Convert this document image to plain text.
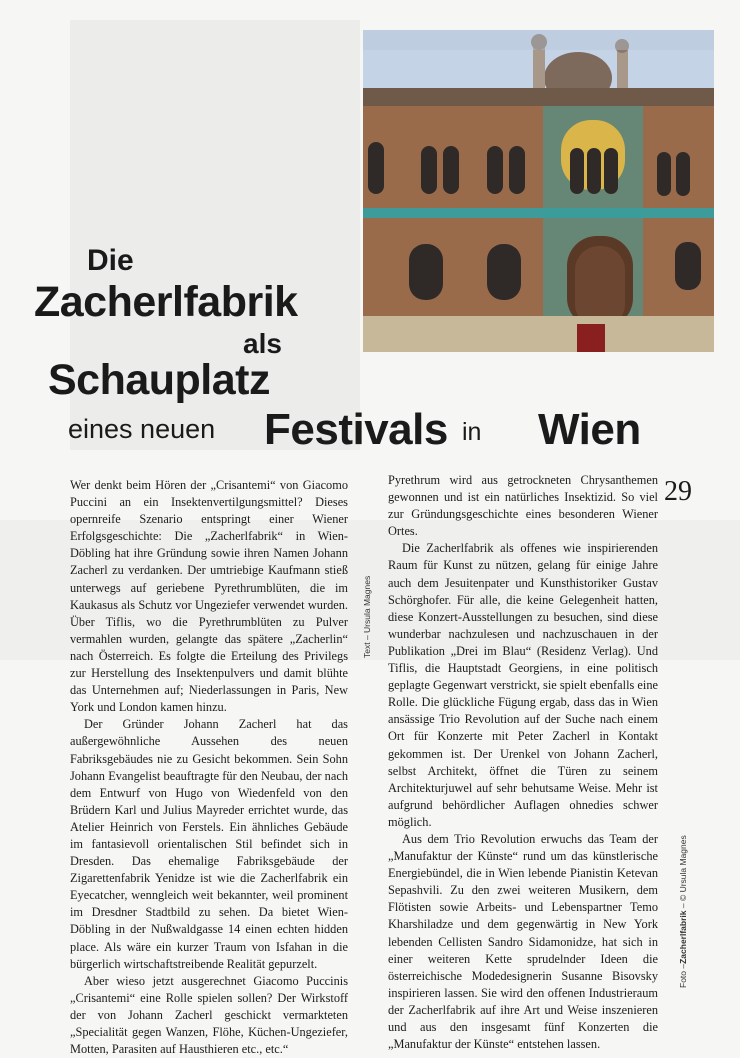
Die
Zacherlfabrik
als
Schauplatz
eines neuen Festivals in Wien

Wer denkt beim Hören der „Crisantemi“ von Giacomo Puccini an ein Insektenvertilgungsmittel? Dieses opernreife Szenario entspringt einer Wiener Erfolgsgeschichte: Die „Zacherlfabrik“ in Wien-Döbling hat ihre Gründung sowie ihren Namen Johann Zacherl zu verdanken. Der umtriebige Kaufmann stieß unterwegs auf geriebene Pyrethrumblüten, die im Kaukasus als Schutz vor Ungeziefer verwendet wurden. Über Tiflis, wo die Pyrethrumblüten zu Pulver vermahlen wurden, gelangte das spätere „Zacherlin“ nach Österreich. Es folgte die Erteilung des Privilegs zur Herstellung des Insektenpulvers und damit blühte das Unternehmen auf; Niederlassungen in Paris, New York und London kamen hinzu.

Der Gründer Johann Zacherl hat das außergewöhnliche Aussehen des neuen Fabriksgebäudes nie zu Gesicht bekommen. Sein Sohn Johann Evangelist beauftragte für den Neubau, der nach dem Entwurf von Hugo von Wiedenfeld von den Brüdern Karl und Julius Mayreder errichtet wurde, das Atelier Heinrich von Ferstels. Ein ähnliches Gebäude im fantasievoll orientalischen Stil befindet sich in Dresden. Das ehemalige Fabriksgebäude der Zigarettenfabrik Yenidze ist wie die Zacherlfabrik ein Eyecatcher, wenngleich weit bekannter, weil prominent im Dresdner Stadtbild zu sehen. Da bietet Wien-Döbling in der Nußwaldgasse 14 einen echten hidden place. Als wäre ein kurzer Traum von Isfahan in die bürgerlich wirtschaftstreibende Realität gepurzelt.

Aber wieso jetzt ausgerechnet Giacomo Puccinis „Crisantemi“ eine Rolle spielen sollen? Der Wirkstoff der von Johann Zacherl geschickt vermarkteten „Specialität gegen Wanzen, Flöhe, Küchen-Ungeziefer, Motten, Parasiten auf Hausthieren etc., etc.“

Pyrethrum wird aus getrockneten Chrysanthemen gewonnen und ist ein natürliches Insektizid. So viel zur Gründungsgeschichte eines besonderen Wiener Ortes.

Die Zacherlfabrik als offenes wie inspirierenden Raum für Kunst zu nützen, gelang für einige Jahre auch dem Jesuitenpater und Kunsthistoriker Gustav Schörghofer. Für alle, die keine Gelegenheit hatten, diese Konzert-Ausstellungen zu besuchen, sind diese wunderbar nachzulesen und nachzuschauen in der Publikation „Drei im Blau“ (Residenz Verlag). Und Tiflis, die Hauptstadt Georgiens, in eine politisch geplagte Gegenwart verstrickt, sie spielt ebenfalls eine Rolle. Die glückliche Fügung ergab, dass das in Wien ansässige Trio Revolution auf der Suche nach einem Ort für Konzerte mit Peter Zacherl in Kontakt gekommen ist. Der Urenkel von Johann Zacherl, selbst Architekt, öffnet die Türen zu seinem Architekturjuwel auf sehr behutsame Weise. Mehr ist aufgrund behördlicher Auflagen ohnedies schwer möglich.

Aus dem Trio Revolution erwuchs das Team der „Manufaktur der Künste“ rund um das künstlerische Energiebündel, die in Wien lebende Pianistin Ketevan Sepashvili. Zu den zwei weiteren Musikern, dem Flötisten sowie Arbeits- und Lebenspartner Temo Kharshiladze und dem gegenwärtig in New York lebenden Cellisten Sandro Sidamonidze, hat sich in einer weiteren Kette sprudelnder Ideen die österreichische Modedesignerin Susanne Bisovsky inspirieren lassen. Sie wird den offenen Industrieraum der Zacherlfabrik auf ihre Art und Weise inszenieren und aus den insgesamt fünf Konzerten die „Manufaktur der Künste“ entstehen lassen.

29
Text – Ursula Magnes
Foto –Zacherlfabrik – © Ursula Magnes
